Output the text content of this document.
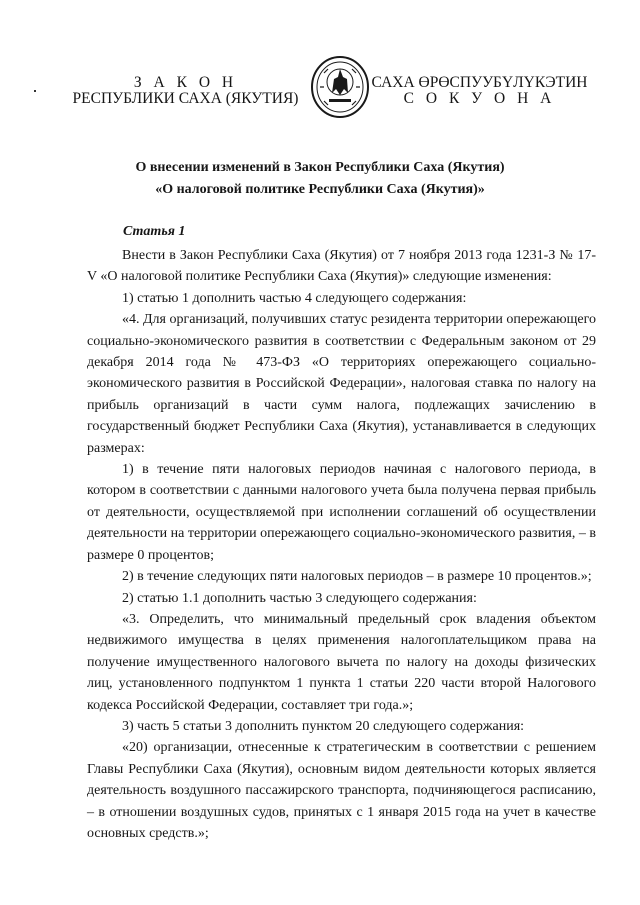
З А К О Н
РЕСПУБЛИКИ САХА (ЯКУТИЯ)
САХА ӨРӨСПУУБҮЛҮКЭТИН
С О К У О Н А
О внесении изменений в Закон Республики Саха (Якутия)
«О налоговой политике Республики Саха (Якутия)»
Статья 1

Внести в Закон Республики Саха (Якутия) от 7 ноября 2013 года 1231-З № 17-V «О налоговой политике Республики Саха (Якутия)» следующие изменения:

1) статью 1 дополнить частью 4 следующего содержания:

«4. Для организаций, получивших статус резидента территории опережающего социально-экономического развития в соответствии с Федеральным законом от 29 декабря 2014 года № 473-ФЗ «О территориях опережающего социально-экономического развития в Российской Федерации», налоговая ставка по налогу на прибыль организаций в части сумм налога, подлежащих зачислению в государственный бюджет Республики Саха (Якутия), устанавливается в следующих размерах:

1) в течение пяти налоговых периодов начиная с налогового периода, в котором в соответствии с данными налогового учета была получена первая прибыль от деятельности, осуществляемой при исполнении соглашений об осуществлении деятельности на территории опережающего социально-экономического развития, – в размере 0 процентов;

2) в течение следующих пяти налоговых периодов – в размере 10 процентов.»;

2) статью 1.1 дополнить частью 3 следующего содержания:

«3. Определить, что минимальный предельный срок владения объектом недвижимого имущества в целях применения налогоплательщиком права на получение имущественного налогового вычета по налогу на доходы физических лиц, установленного подпунктом 1 пункта 1 статьи 220 части второй Налогового кодекса Российской Федерации, составляет три года.»;

3) часть 5 статьи 3 дополнить пунктом 20 следующего содержания:

«20) организации, отнесенные к стратегическим в соответствии с решением Главы Республики Саха (Якутия), основным видом деятельности которых является деятельность воздушного пассажирского транспорта, подчиняющегося расписанию, – в отношении воздушных судов, принятых с 1 января 2015 года на учет в качестве основных средств.»;
